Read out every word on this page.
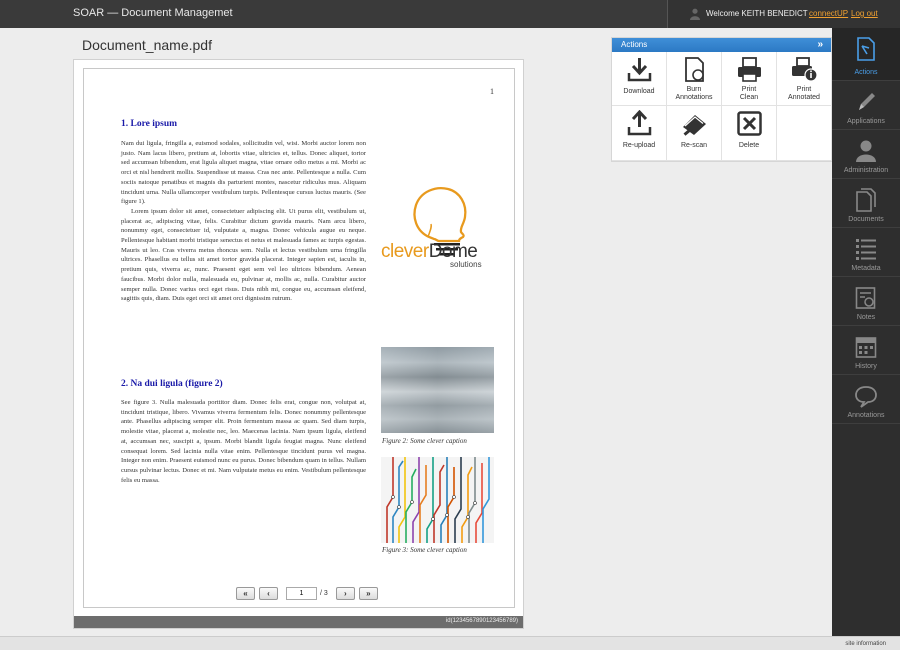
SOAR — Document Managemet	Welcome KEITH BENEDICT connectUP Log out
Document_name.pdf
1
1. Lore ipsum

Nam dui ligula, fringilla a, euismod sodales, sollicitudin vel, wisi. Morbi auctor lorem non justo. Nam lacus libero, pretium at, lobortis vitae, ultricies et, tellus. Donec aliquet, tortor sed accumsan bibendum, erat ligula aliquet magna, vitae ornare odio metus a mi. Morbi ac orci et nisl hendrerit mollis. Suspendisse ut massa. Cras nec ante. Pellentesque a nulla. Cum sociis natoque penatibus et magnis dis parturient montes, nascetur ridiculus mus. Aliquam tincidunt urna. Nulla ullamcorper vestibulum turpis. Pellentesque cursus luctus mauris. (See figure 1).

Lorem ipsum dolor sit amet, consectetuer adipiscing elit. Ut purus elit, vestibulum ut, placerat ac, adipiscing vitae, felis. Curabitur dictum gravida mauris. Nam arcu libero, nonummy eget, consectetuer id, vulputate a, magna. Donec vehicula augue eu neque. Pellentesque habitant morbi tristique senectus et netus et malesuada fames ac turpis egestas. Mauris ut leo. Cras viverra metus rhoncus sem. Nulla et lectus vestibulum urna fringilla ultrices. Phasellus eu tellus sit amet tortor gravida placerat. Integer sapien est, iaculis in, pretium quis, viverra ac, nunc. Praesent eget sem vel leo ultrices bibendum. Aenean faucibus. Morbi dolor nulla, malesuada eu, pulvinar at, mollis ac, nulla. Curabitur auctor semper nulla. Donec varius orci eget risus. Duis nibh mi, congue eu, accumsan eleifend, sagittis quis, diam. Duis eget orci sit amet orci dignissim rutrum.

2. Na dui ligula (figure 2)

See figure 3. Nulla malesuada porttitor diam. Donec felis erat, congue non, volutpat at, tincidunt tristique, libero. Vivamus viverra fermentum felis. Donec nonummy pellentesque ante. Phasellus adipiscing semper elit. Proin fermentum massa ac quam. Sed diam turpis, molestie vitae, placerat a, molestie nec, leo. Maecenas lacinia. Nam ipsum ligula, eleifend at, accumsan nec, suscipit a, ipsum. Morbi blandit ligula feugiat magna. Nunc eleifend consequat lorem. Sed lacinia nulla vitae enim. Pellentesque tincidunt purus vel magna. Integer non enim. Praesent euismod nunc eu purus. Donec bibendum quam in tellus. Nullam cursus pulvinar lectus. Donec et mi. Nam vulputate metus eu enim. Vestibulum pellentesque felis eu massa.

cleverDome
solutions
Figure 2: Some clever caption
Figure 3: Some clever caption
«	‹
1	/ 3	›	»
id(1234567890123456789)
Actions	»
Download	Burn
Annotations
Print
Clean
Print
Annotated
Re-upload	Re-scan	Delete
Actions
Applications
Administration
Documents
Metadata
Notes
History
Annotations
site information
